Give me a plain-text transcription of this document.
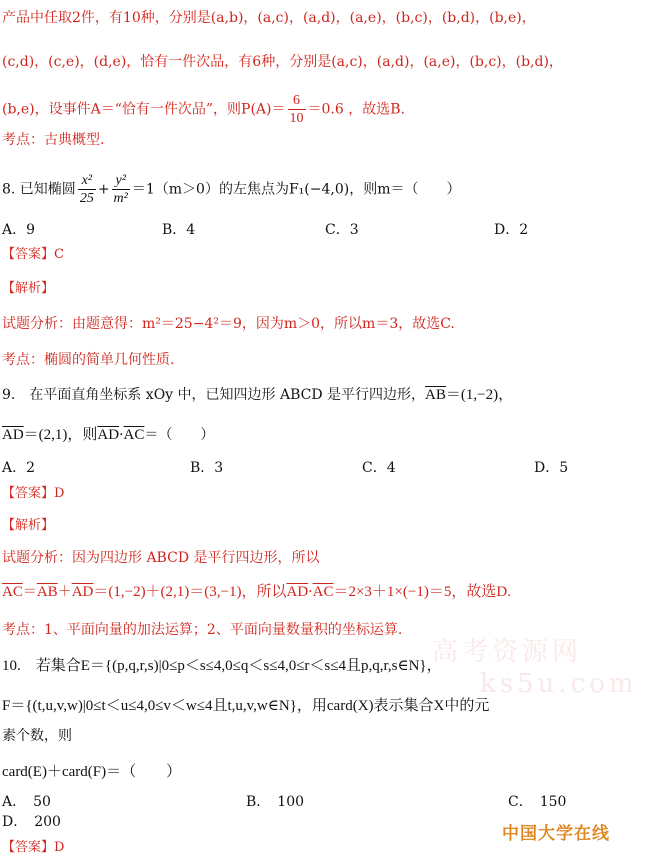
产品中任取2件，有10种，分别是(a,b)，(a,c)，(a,d)，(a,e)，(b,c)，(b,d)，(b,e)，
(c,d)，(c,e)，(d,e)，恰有一件次品，有6种，分别是(a,c)，(a,d)，(a,e)，(b,c)，(b,d)，
(b,e)，设事件A＝“恰有一件次品”，则$P(A)= \frac{6}{10} =0.6$ ，故选B.
考点：古典概型.
8. 已知椭圆 $\frac{\text{x²}}{25} + \frac{\text{y²}}{\text{m²}} =1(m>0)$的左焦点为F₁(−4,0)，则m＝（　　）
A．9	B．4	C．3	D．2
【答案】C
【解析】
试题分析：由题意得：m²＝25−4²＝9，因为m＞0，所以m＝3，故选C.
考点：椭圆的简单几何性质.
9.　在平面直角坐标系 xOy 中，已知四边形 ABCD 是平行四边形，$\overline{AB}=(1,-2)$，
$\overline{AD}=(2,1)$，则$\overline{AD}\cdot\overline{AC}=$（　　）
A．2	B．3	C．4	D．5
【答案】D
【解析】
试题分析：因为四边形 ABCD 是平行四边形，所以
$\overline{AC}=\overline{AB}+\overline{AD}=(1,-2)+(2,1)=(3,-1)$，所以$\overline{AD}\cdot\overline{AC}=2\times 3+1\times(-1)=5$，故选D.
考点：1、平面向量的加法运算；2、平面向量数量积的坐标运算.
高考资源网
ks5u.com
10.　若集合E＝{(p,q,r,s)|0≤p＜s≤4,0≤q＜s≤4,0≤r＜s≤4且p,q,r,s∈N}，
F＝{(t,u,v,w)|0≤t＜u≤4,0≤v＜w≤4且t,u,v,w∈N}，用card(X)表示集合X中的元
素个数，则
card(E)＋card(F)＝（　　）
A．　50	B．　100	C．　150
D．　200
【答案】D
中国大学在线
